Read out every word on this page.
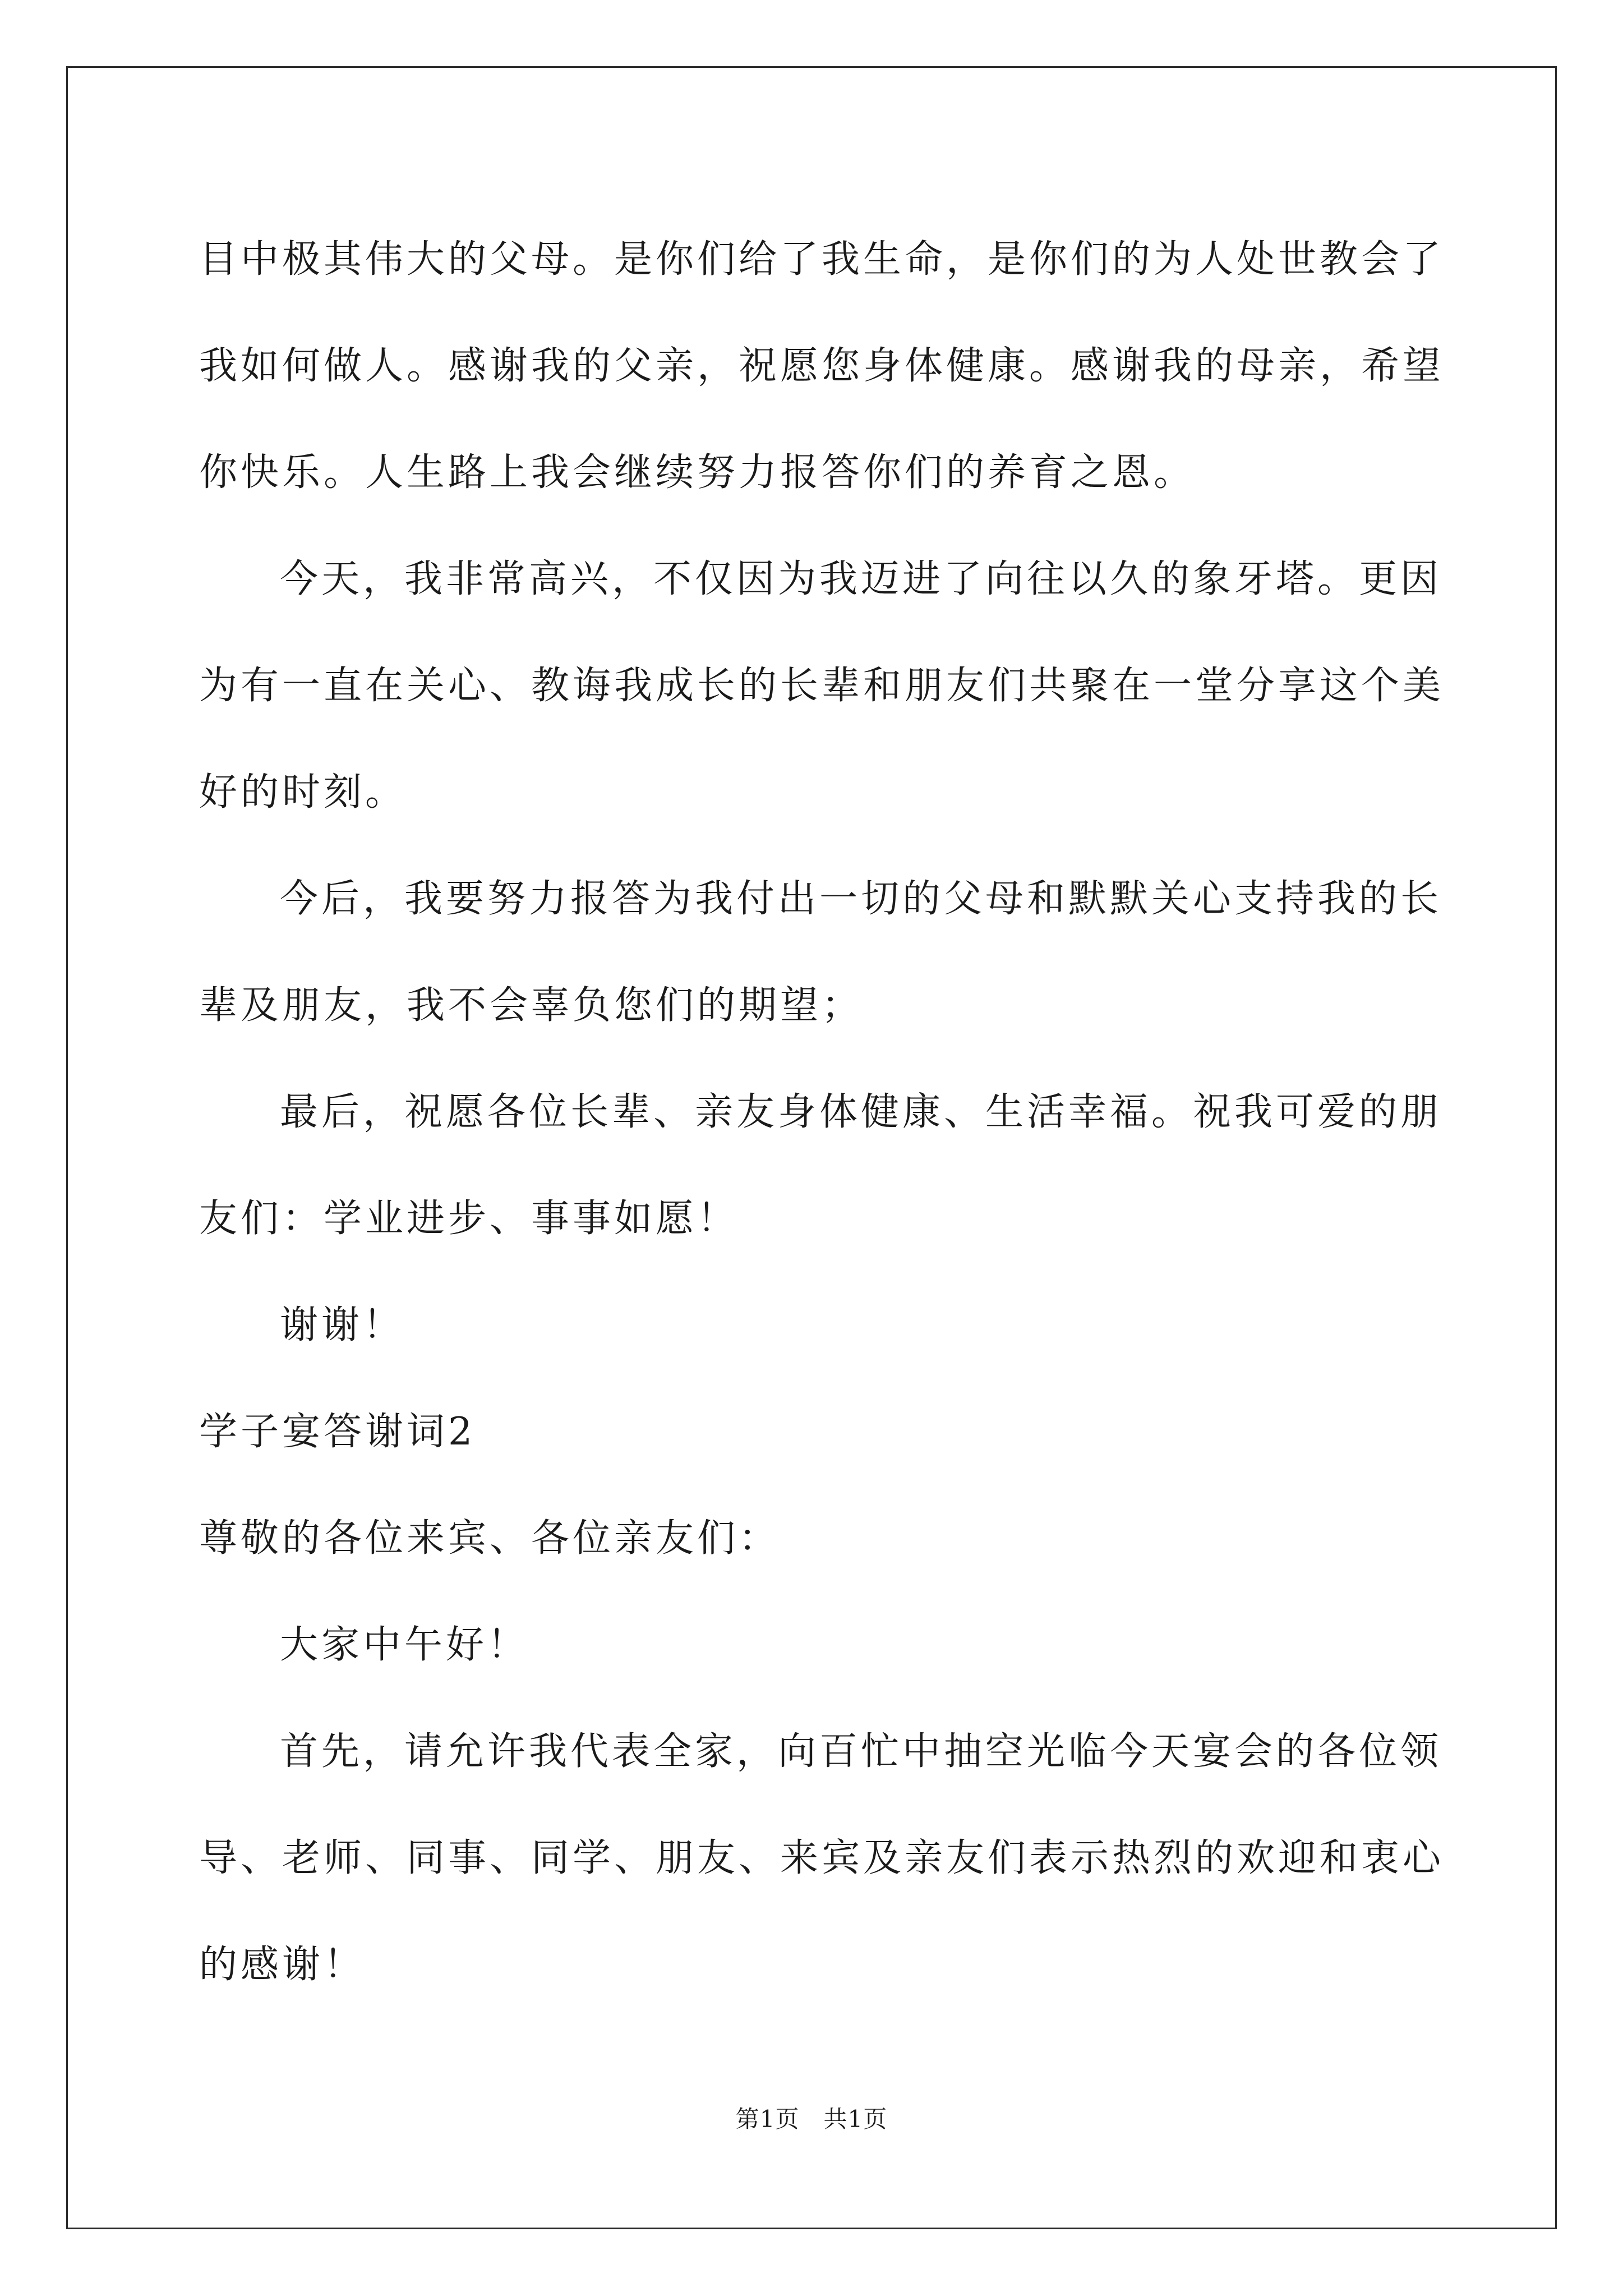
目中极其伟大的父母。是你们给了我生命，是你们的为人处世教会了
我如何做人。感谢我的父亲，祝愿您身体健康。感谢我的母亲，希望
你快乐。人生路上我会继续努力报答你们的养育之恩。
今天，我非常高兴，不仅因为我迈进了向往以久的象牙塔。更因
为有一直在关心、教诲我成长的长辈和朋友们共聚在一堂分享这个美
好的时刻。
今后，我要努力报答为我付出一切的父母和默默关心支持我的长
辈及朋友，我不会辜负您们的期望；
最后，祝愿各位长辈、亲友身体健康、生活幸福。祝我可爱的朋
友们：学业进步、事事如愿！
谢谢！
学子宴答谢词2
尊敬的各位来宾、各位亲友们：
大家中午好！
首先，请允许我代表全家，向百忙中抽空光临今天宴会的各位领
导、老师、同事、同学、朋友、来宾及亲友们表示热烈的欢迎和衷心
的感谢！
第1页   共1页
